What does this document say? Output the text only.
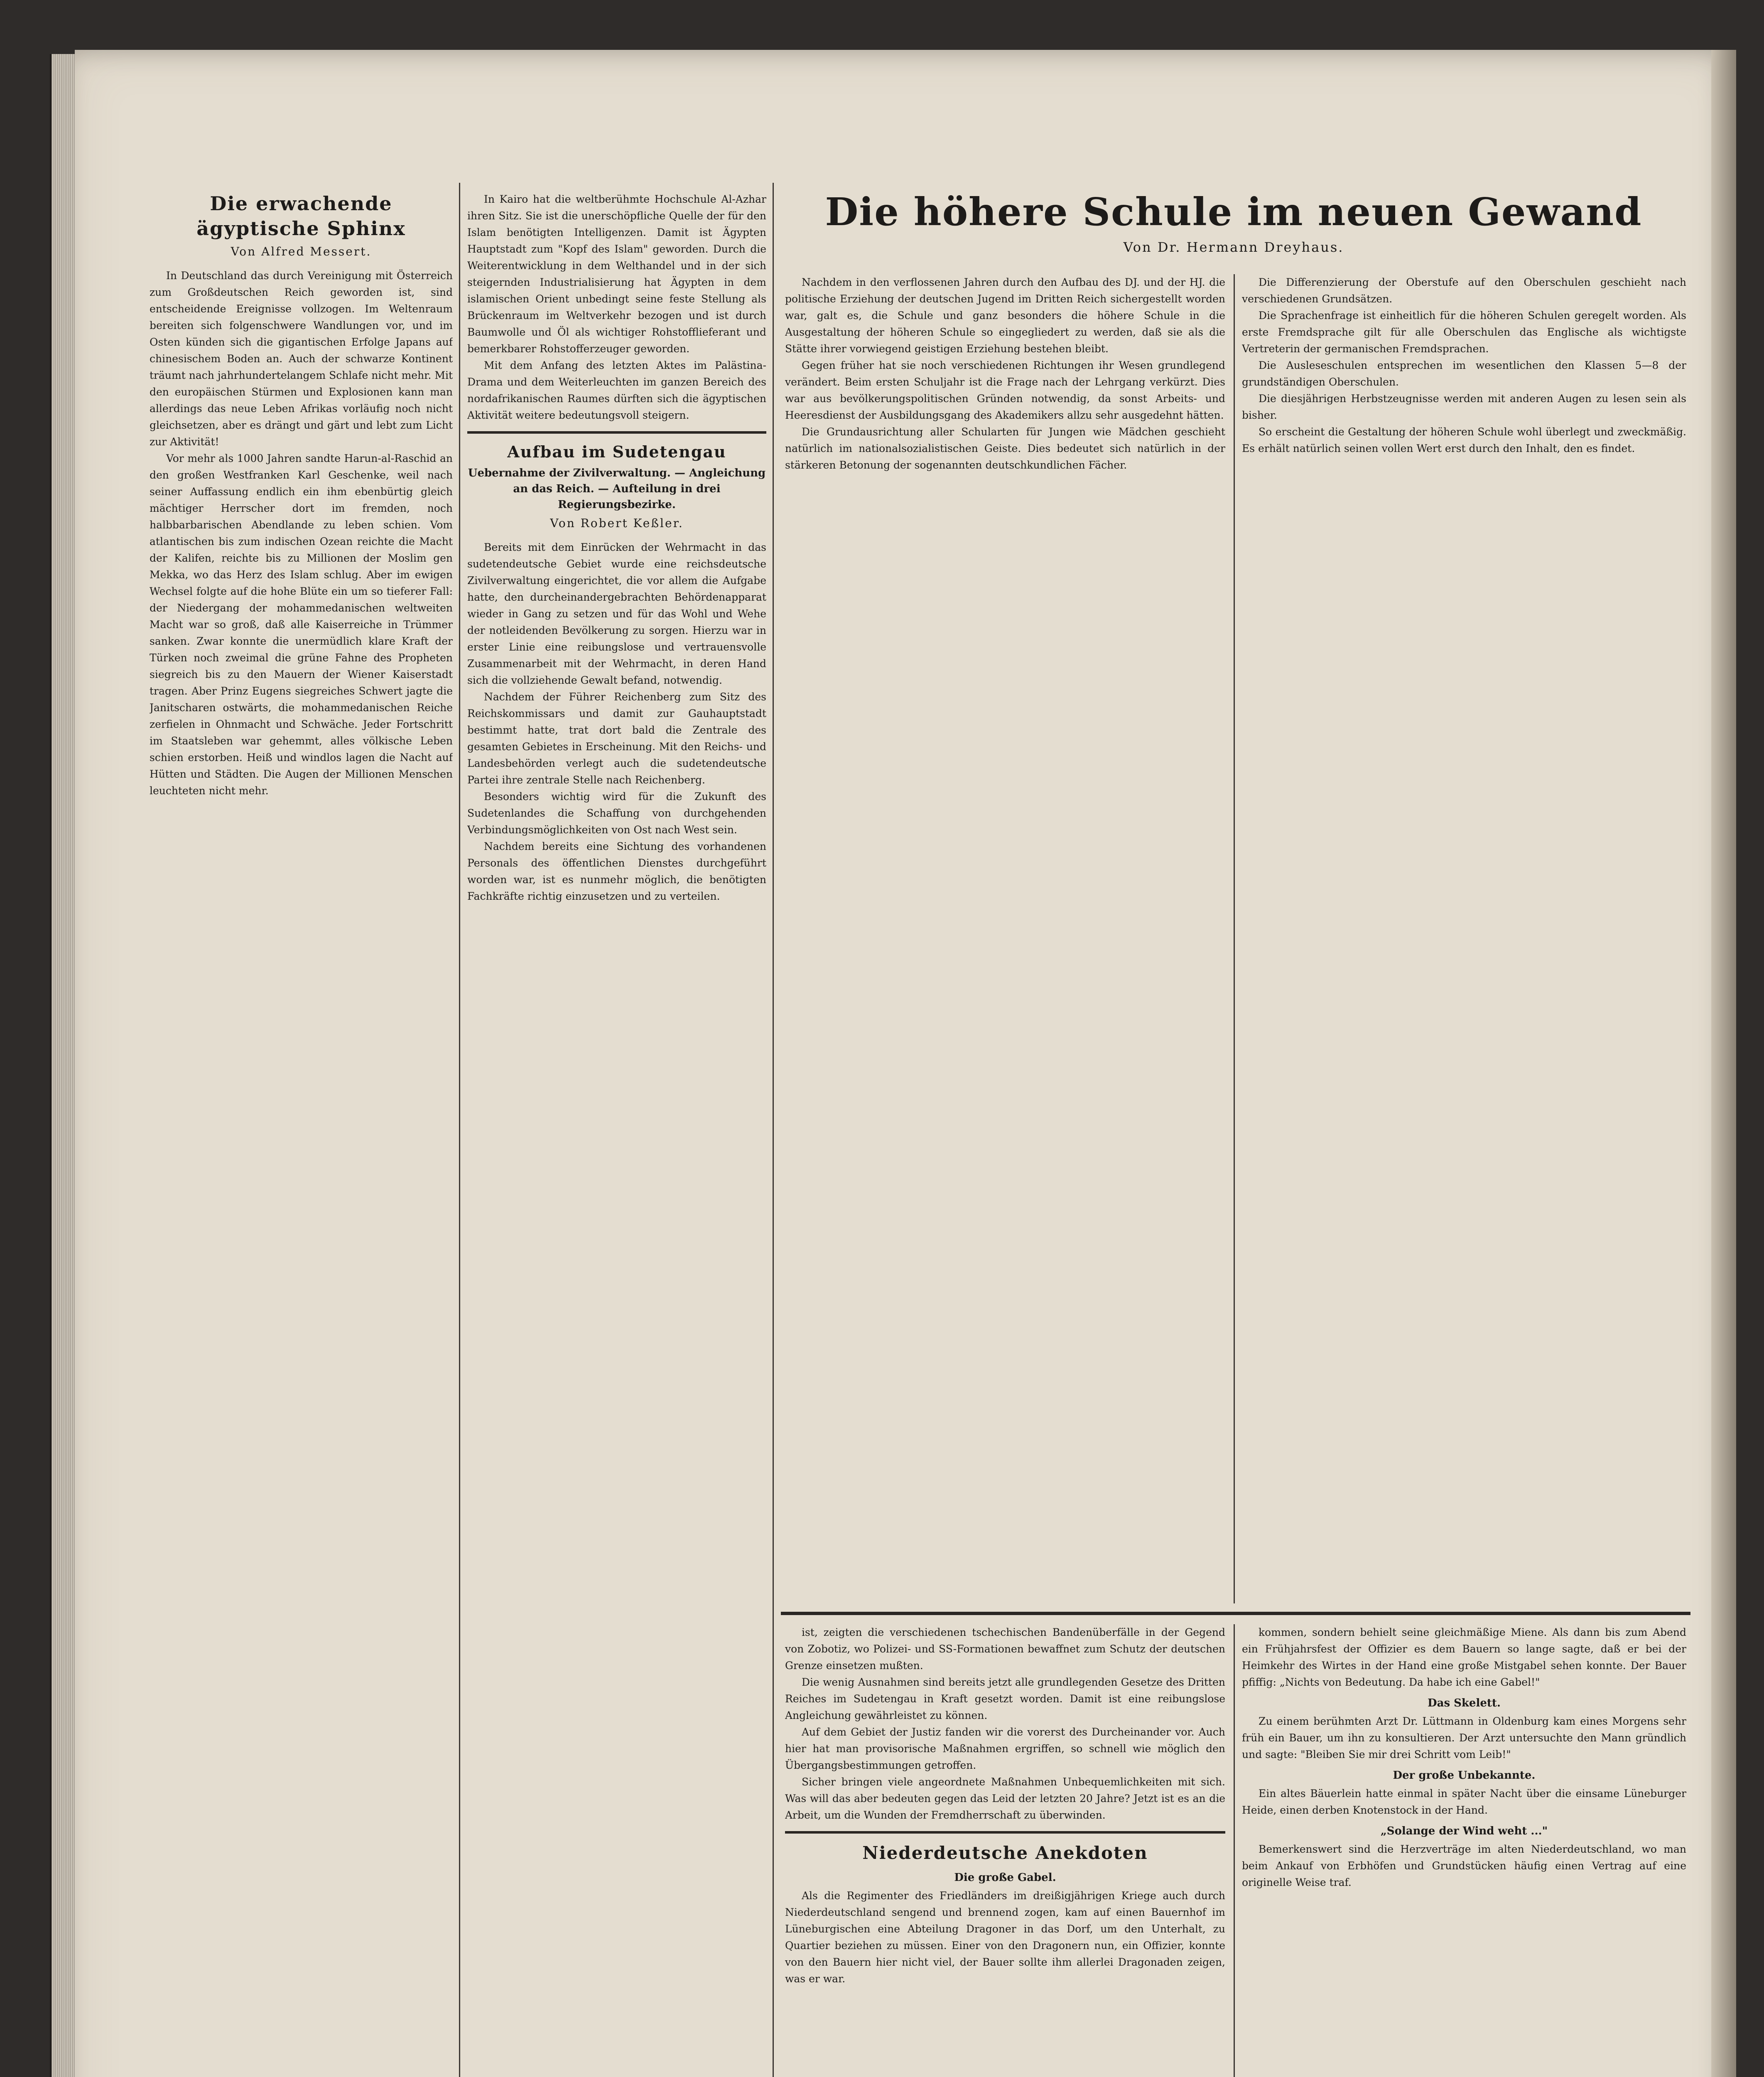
Die erwachende ägyptische Sphinx
Von Alfred Messert.

In Deutschland das durch Vereinigung mit Österreich zum Großdeutschen Reich geworden ist, sind entscheidende Ereignisse vollzogen. Im Weltenraum bereiten sich folgenschwere Wandlungen vor, und im Osten künden sich die gigantischen Erfolge Japans auf chinesischem Boden an. Auch der schwarze Kontinent träumt nach jahrhundertelangem Schlafe nicht mehr. Mit den europäischen Stürmen und Explosionen kann man allerdings das neue Leben Afrikas vorläufig noch nicht gleichsetzen, aber es drängt und gärt und lebt zum Licht zur Aktivität!

Vor mehr als 1000 Jahren sandte Harun-al-Raschid an den großen Westfranken Karl Geschenke, weil nach seiner Auffassung endlich ein ihm ebenbürtig gleich mächtiger Herrscher dort im fremden, noch halbbarbarischen Abendlande zu leben schien. Vom atlantischen bis zum indischen Ozean reichte die Macht der Kalifen, reichte bis zu Millionen der Moslim gen Mekka, wo das Herz des Islam schlug. Aber im ewigen Wechsel folgte auf die hohe Blüte ein um so tieferer Fall: der Niedergang der mohammedanischen weltweiten Macht war so groß, daß alle Kaiserreiche in Trümmer sanken. Zwar konnte die unermüdlich klare Kraft der Türken noch zweimal die grüne Fahne des Propheten siegreich bis zu den Mauern der Wiener Kaiserstadt tragen. Aber Prinz Eugens siegreiches Schwert jagte die Janitscharen ostwärts, die mohammedanischen Reiche zerfielen in Ohnmacht und Schwäche. Jeder Fortschritt im Staatsleben war gehemmt, alles völkische Leben schien erstorben. Heiß und windlos lagen die Nacht auf Hütten und Städten. Die Augen der Millionen Menschen leuchteten nicht mehr.

In Kairo hat die weltberühmte Hochschule Al-Azhar ihren Sitz. Sie ist die unerschöpfliche Quelle der für den Islam benötigten Intelligenzen. Damit ist Ägypten Hauptstadt zum "Kopf des Islam" geworden. Durch die Weiterentwicklung in dem Welthandel und in der sich steigernden Industrialisierung hat Ägypten in dem islamischen Orient unbedingt seine feste Stellung als Brückenraum im Weltverkehr bezogen und ist durch Baumwolle und Öl als wichtiger Rohstofflieferant und bemerkbarer Rohstofferzeuger geworden.

Mit dem Anfang des letzten Aktes im Palästina-Drama und dem Weiterleuchten im ganzen Bereich des nordafrikanischen Raumes dürften sich die ägyptischen Aktivität weitere bedeutungsvoll steigern.

Aufbau im Sudetengau
Uebernahme der Zivilverwaltung. — Angleichung an das Reich. — Aufteilung in drei Regierungsbezirke.
Von Robert Keßler.

Bereits mit dem Einrücken der Wehrmacht in das sudetendeutsche Gebiet wurde eine reichsdeutsche Zivilverwaltung eingerichtet, die vor allem die Aufgabe hatte, den durcheinandergebrachten Behördenapparat wieder in Gang zu setzen und für das Wohl und Wehe der notleidenden Bevölkerung zu sorgen. Hierzu war in erster Linie eine reibungslose und vertrauensvolle Zusammenarbeit mit der Wehrmacht, in deren Hand sich die vollziehende Gewalt befand, notwendig.

Nachdem der Führer Reichenberg zum Sitz des Reichskommissars und damit zur Gauhauptstadt bestimmt hatte, trat dort bald die Zentrale des gesamten Gebietes in Erscheinung. Mit den Reichs- und Landesbehörden verlegt auch die sudetendeutsche Partei ihre zentrale Stelle nach Reichenberg.

Besonders wichtig wird für die Zukunft des Sudetenlandes die Schaffung von durchgehenden Verbindungsmöglichkeiten von Ost nach West sein.

Nachdem bereits eine Sichtung des vorhandenen Personals des öffentlichen Dienstes durchgeführt worden war, ist es nunmehr möglich, die benötigten Fachkräfte richtig einzusetzen und zu verteilen.

Die höhere Schule im neuen Gewand
Von Dr. Hermann Dreyhaus.

Nachdem in den verflossenen Jahren durch den Aufbau des DJ. und der HJ. die politische Erziehung der deutschen Jugend im Dritten Reich sichergestellt worden war, galt es, die Schule und ganz besonders die höhere Schule in die Ausgestaltung der höheren Schule so eingegliedert zu werden, daß sie als die Stätte ihrer vorwiegend geistigen Erziehung bestehen bleibt.

Gegen früher hat sie noch verschiedenen Richtungen ihr Wesen grundlegend verändert. Beim ersten Schuljahr ist die Frage nach der Lehrgang verkürzt. Dies war aus bevölkerungspolitischen Gründen notwendig, da sonst Arbeits- und Heeresdienst der Ausbildungsgang des Akademikers allzu sehr ausgedehnt hätten.

Die Grundausrichtung aller Schularten für Jungen wie Mädchen geschieht natürlich im nationalsozialistischen Geiste. Dies bedeutet sich natürlich in der stärkeren Betonung der sogenannten deutschkundlichen Fächer.

Die Differenzierung der Oberstufe auf den Oberschulen geschieht nach verschiedenen Grundsätzen.

Die Sprachenfrage ist einheitlich für die höheren Schulen geregelt worden. Als erste Fremdsprache gilt für alle Oberschulen das Englische als wichtigste Vertreterin der germanischen Fremdsprachen.

Die Ausleseschulen entsprechen im wesentlichen den Klassen 5—8 der grundständigen Oberschulen.

Die diesjährigen Herbstzeugnisse werden mit anderen Augen zu lesen sein als bisher.

So erscheint die Gestaltung der höheren Schule wohl überlegt und zweckmäßig. Es erhält natürlich seinen vollen Wert erst durch den Inhalt, den es findet.

ist, zeigten die verschiedenen tschechischen Bandenüberfälle in der Gegend von Zobotiz, wo Polizei- und SS-Formationen bewaffnet zum Schutz der deutschen Grenze einsetzen mußten.

Die wenig Ausnahmen sind bereits jetzt alle grundlegenden Gesetze des Dritten Reiches im Sudetengau in Kraft gesetzt worden. Damit ist eine reibungslose Angleichung gewährleistet zu können.

Auf dem Gebiet der Justiz fanden wir die vorerst des Durcheinander vor. Auch hier hat man provisorische Maßnahmen ergriffen, so schnell wie möglich den Übergangsbestimmungen getroffen.

Sicher bringen viele angeordnete Maßnahmen Unbequemlichkeiten mit sich. Was will das aber bedeuten gegen das Leid der letzten 20 Jahre? Jetzt ist es an die Arbeit, um die Wunden der Fremdherrschaft zu überwinden.

Niederdeutsche Anekdoten
Die große Gabel.

Als die Regimenter des Friedländers im dreißigjährigen Kriege auch durch Niederdeutschland sengend und brennend zogen, kam auf einen Bauernhof im Lüneburgischen eine Abteilung Dragoner in das Dorf, um den Unterhalt, zu Quartier beziehen zu müssen. Einer von den Dragonern nun, ein Offizier, konnte von den Bauern hier nicht viel, der Bauer sollte ihm allerlei Dragonaden zeigen, was er war.

kommen, sondern behielt seine gleichmäßige Miene. Als dann bis zum Abend ein Frühjahrsfest der Offizier es dem Bauern so lange sagte, daß er bei der Heimkehr des Wirtes in der Hand eine große Mistgabel sehen konnte. Der Bauer pfiffig: „Nichts von Bedeutung. Da habe ich eine Gabel!"

Das Skelett.

Zu einem berühmten Arzt Dr. Lüttmann in Oldenburg kam eines Morgens sehr früh ein Bauer, um ihn zu konsultieren. Der Arzt untersuchte den Mann gründlich und sagte: "Bleiben Sie mir drei Schritt vom Leib!"

Der große Unbekannte.

Ein altes Bäuerlein hatte einmal in später Nacht über die einsame Lüneburger Heide, einen derben Knotenstock in der Hand.

„Solange der Wind weht ..."

Bemerkenswert sind die Herzverträge im alten Niederdeutschland, wo man beim Ankauf von Erbhöfen und Grundstücken häufig einen Vertrag auf eine originelle Weise traf.
